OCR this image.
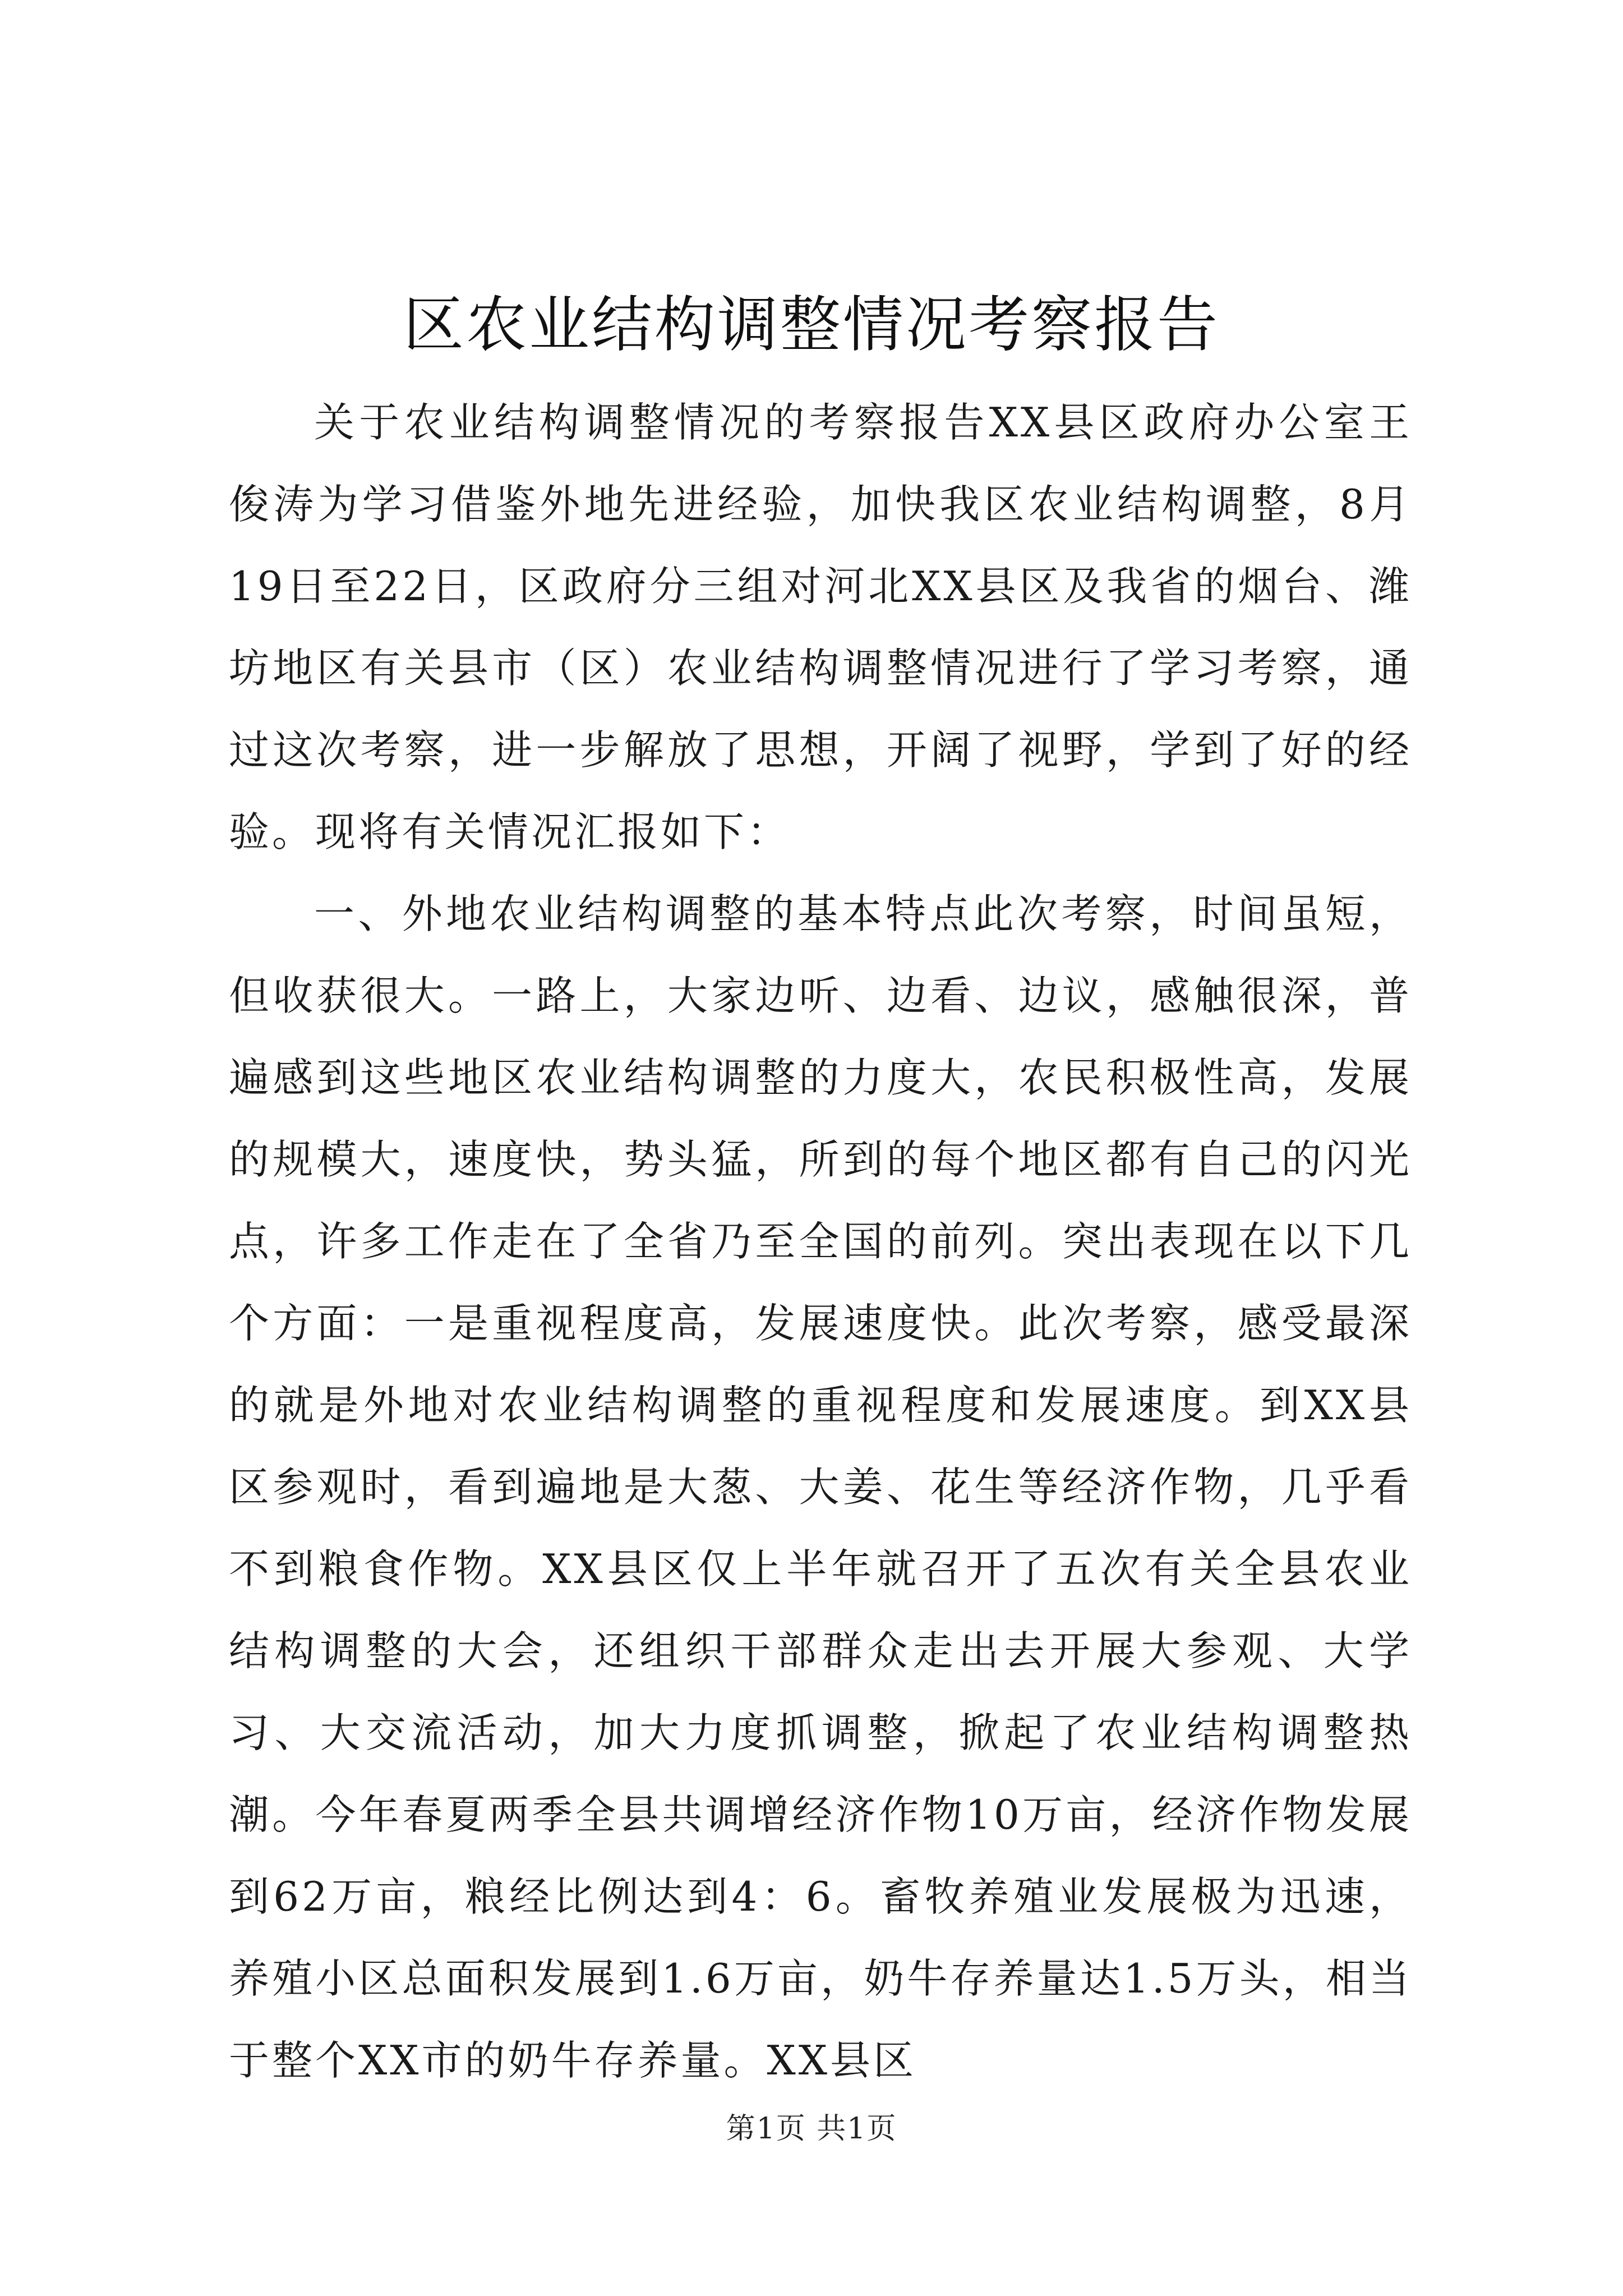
区农业结构调整情况考察报告

关于农业结构调整情况的考察报告XX县区政府办公室王俊涛为学习借鉴外地先进经验，加快我区农业结构调整，8月19日至22日，区政府分三组对河北XX县区及我省的烟台、潍坊地区有关县市（区）农业结构调整情况进行了学习考察，通过这次考察，进一步解放了思想，开阔了视野，学到了好的经验。现将有关情况汇报如下：

一、外地农业结构调整的基本特点此次考察，时间虽短，但收获很大。一路上，大家边听、边看、边议，感触很深，普遍感到这些地区农业结构调整的力度大，农民积极性高，发展的规模大，速度快，势头猛，所到的每个地区都有自己的闪光点，许多工作走在了全省乃至全国的前列。突出表现在以下几个方面：一是重视程度高，发展速度快。此次考察，感受最深的就是外地对农业结构调整的重视程度和发展速度。到XX县区参观时，看到遍地是大葱、大姜、花生等经济作物，几乎看不到粮食作物。XX县区仅上半年就召开了五次有关全县农业结构调整的大会，还组织干部群众走出去开展大参观、大学习、大交流活动，加大力度抓调整，掀起了农业结构调整热潮。今年春夏两季全县共调增经济作物10万亩，经济作物发展到62万亩，粮经比例达到4：6。畜牧养殖业发展极为迅速，养殖小区总面积发展到1.6万亩，奶牛存养量达1.5万头，相当于整个XX市的奶牛存养量。XX县区

第1页 共1页
